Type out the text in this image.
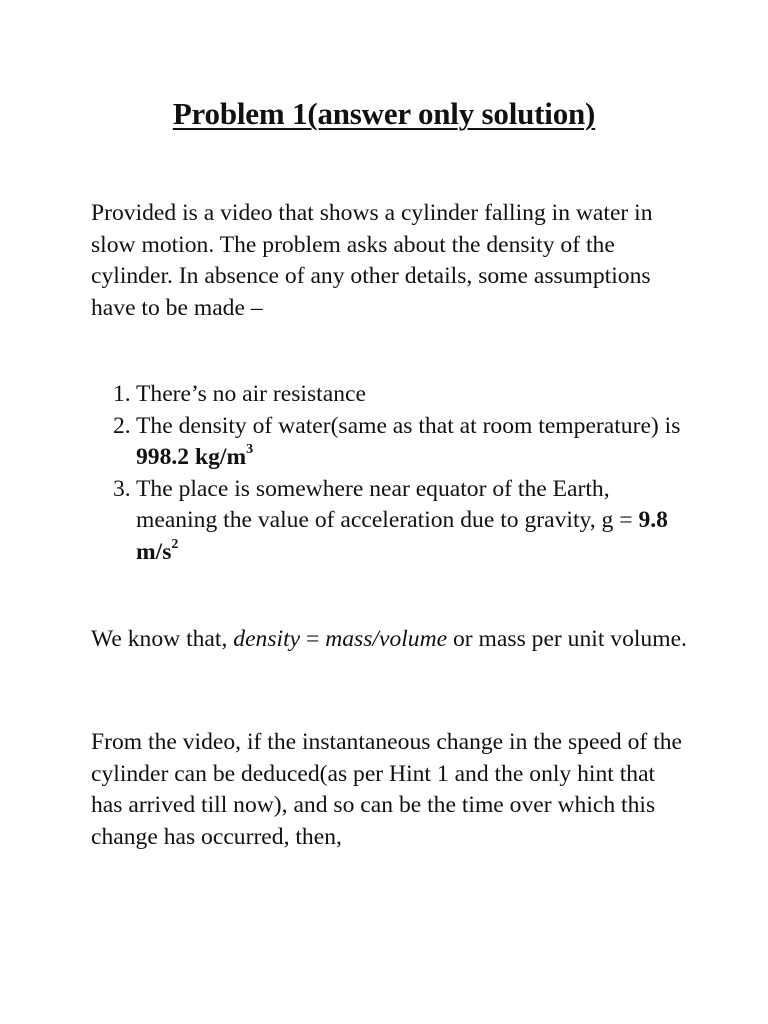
Problem 1(answer only solution)

Provided is a video that shows a cylinder falling in water in slow motion. The problem asks about the density of the cylinder. In absence of any other details, some assumptions have to be made –

1. There’s no air resistance
2. The density of water(same as that at room temperature) is 998.2 $kg/m^3$
3. The place is somewhere near equator of the Earth, meaning the value of acceleration due to gravity, g = 9.8 $m/s^2$

We know that, density = mass/volume or mass per unit volume.

From the video, if the instantaneous change in the speed of the cylinder can be deduced(as per Hint 1 and the only hint that has arrived till now), and so can be the time over which this change has occurred, then,
